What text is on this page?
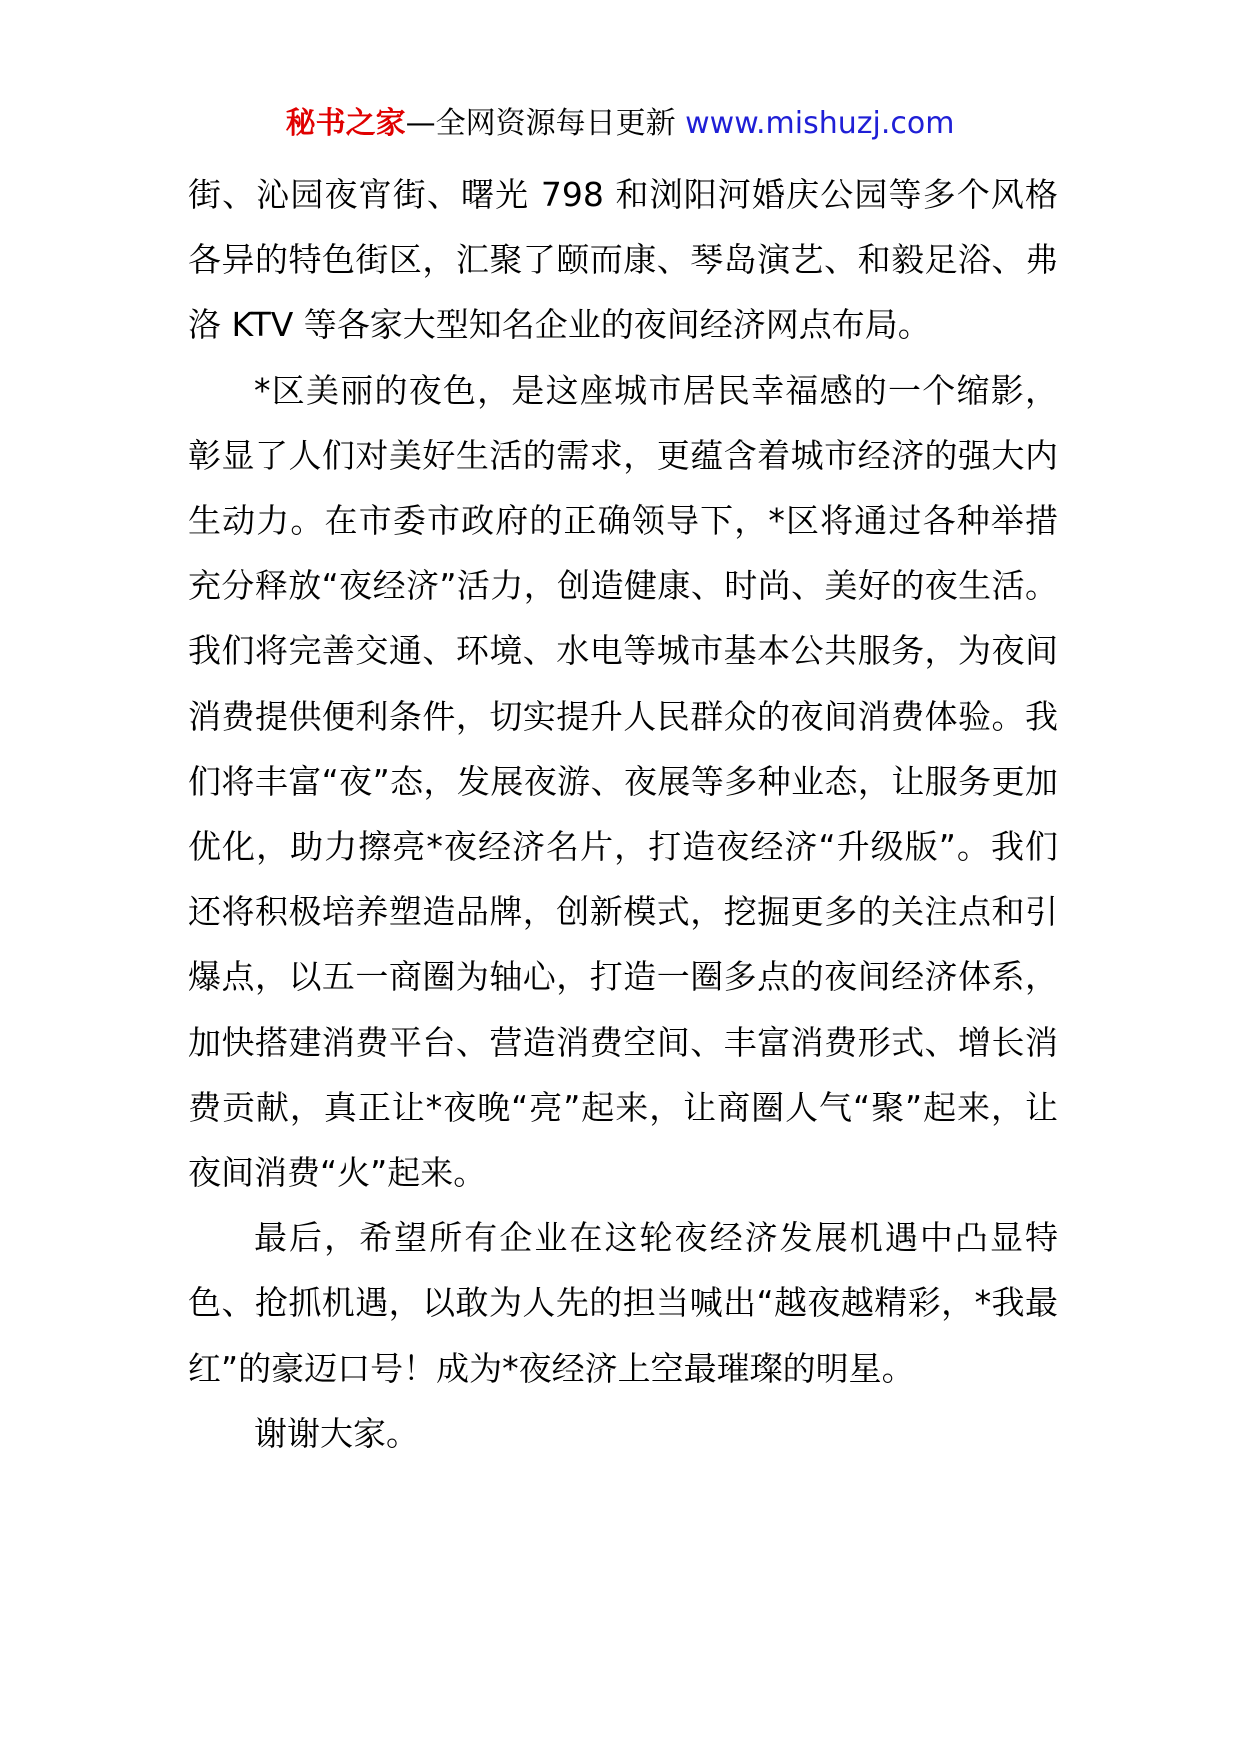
秘书之家—全网资源每日更新 www.mishuzj.com

街、沁园夜宵街、曙光 798 和浏阳河婚庆公园等多个风格各异的特色街区，汇聚了颐而康、琴岛演艺、和毅足浴、弗洛 KTV 等各家大型知名企业的夜间经济网点布局。

*区美丽的夜色，是这座城市居民幸福感的一个缩影，彰显了人们对美好生活的需求，更蕴含着城市经济的强大内生动力。在市委市政府的正确领导下，*区将通过各种举措充分释放“夜经济”活力，创造健康、时尚、美好的夜生活。我们将完善交通、环境、水电等城市基本公共服务，为夜间消费提供便利条件，切实提升人民群众的夜间消费体验。我们将丰富“夜”态，发展夜游、夜展等多种业态，让服务更加优化，助力擦亮*夜经济名片，打造夜经济“升级版”。我们还将积极培养塑造品牌，创新模式，挖掘更多的关注点和引爆点，以五一商圈为轴心，打造一圈多点的夜间经济体系，加快搭建消费平台、营造消费空间、丰富消费形式、增长消费贡献，真正让*夜晚“亮”起来，让商圈人气“聚”起来，让夜间消费“火”起来。

最后，希望所有企业在这轮夜经济发展机遇中凸显特色、抢抓机遇，以敢为人先的担当喊出“越夜越精彩，*我最红”的豪迈口号！成为*夜经济上空最璀璨的明星。

谢谢大家。
